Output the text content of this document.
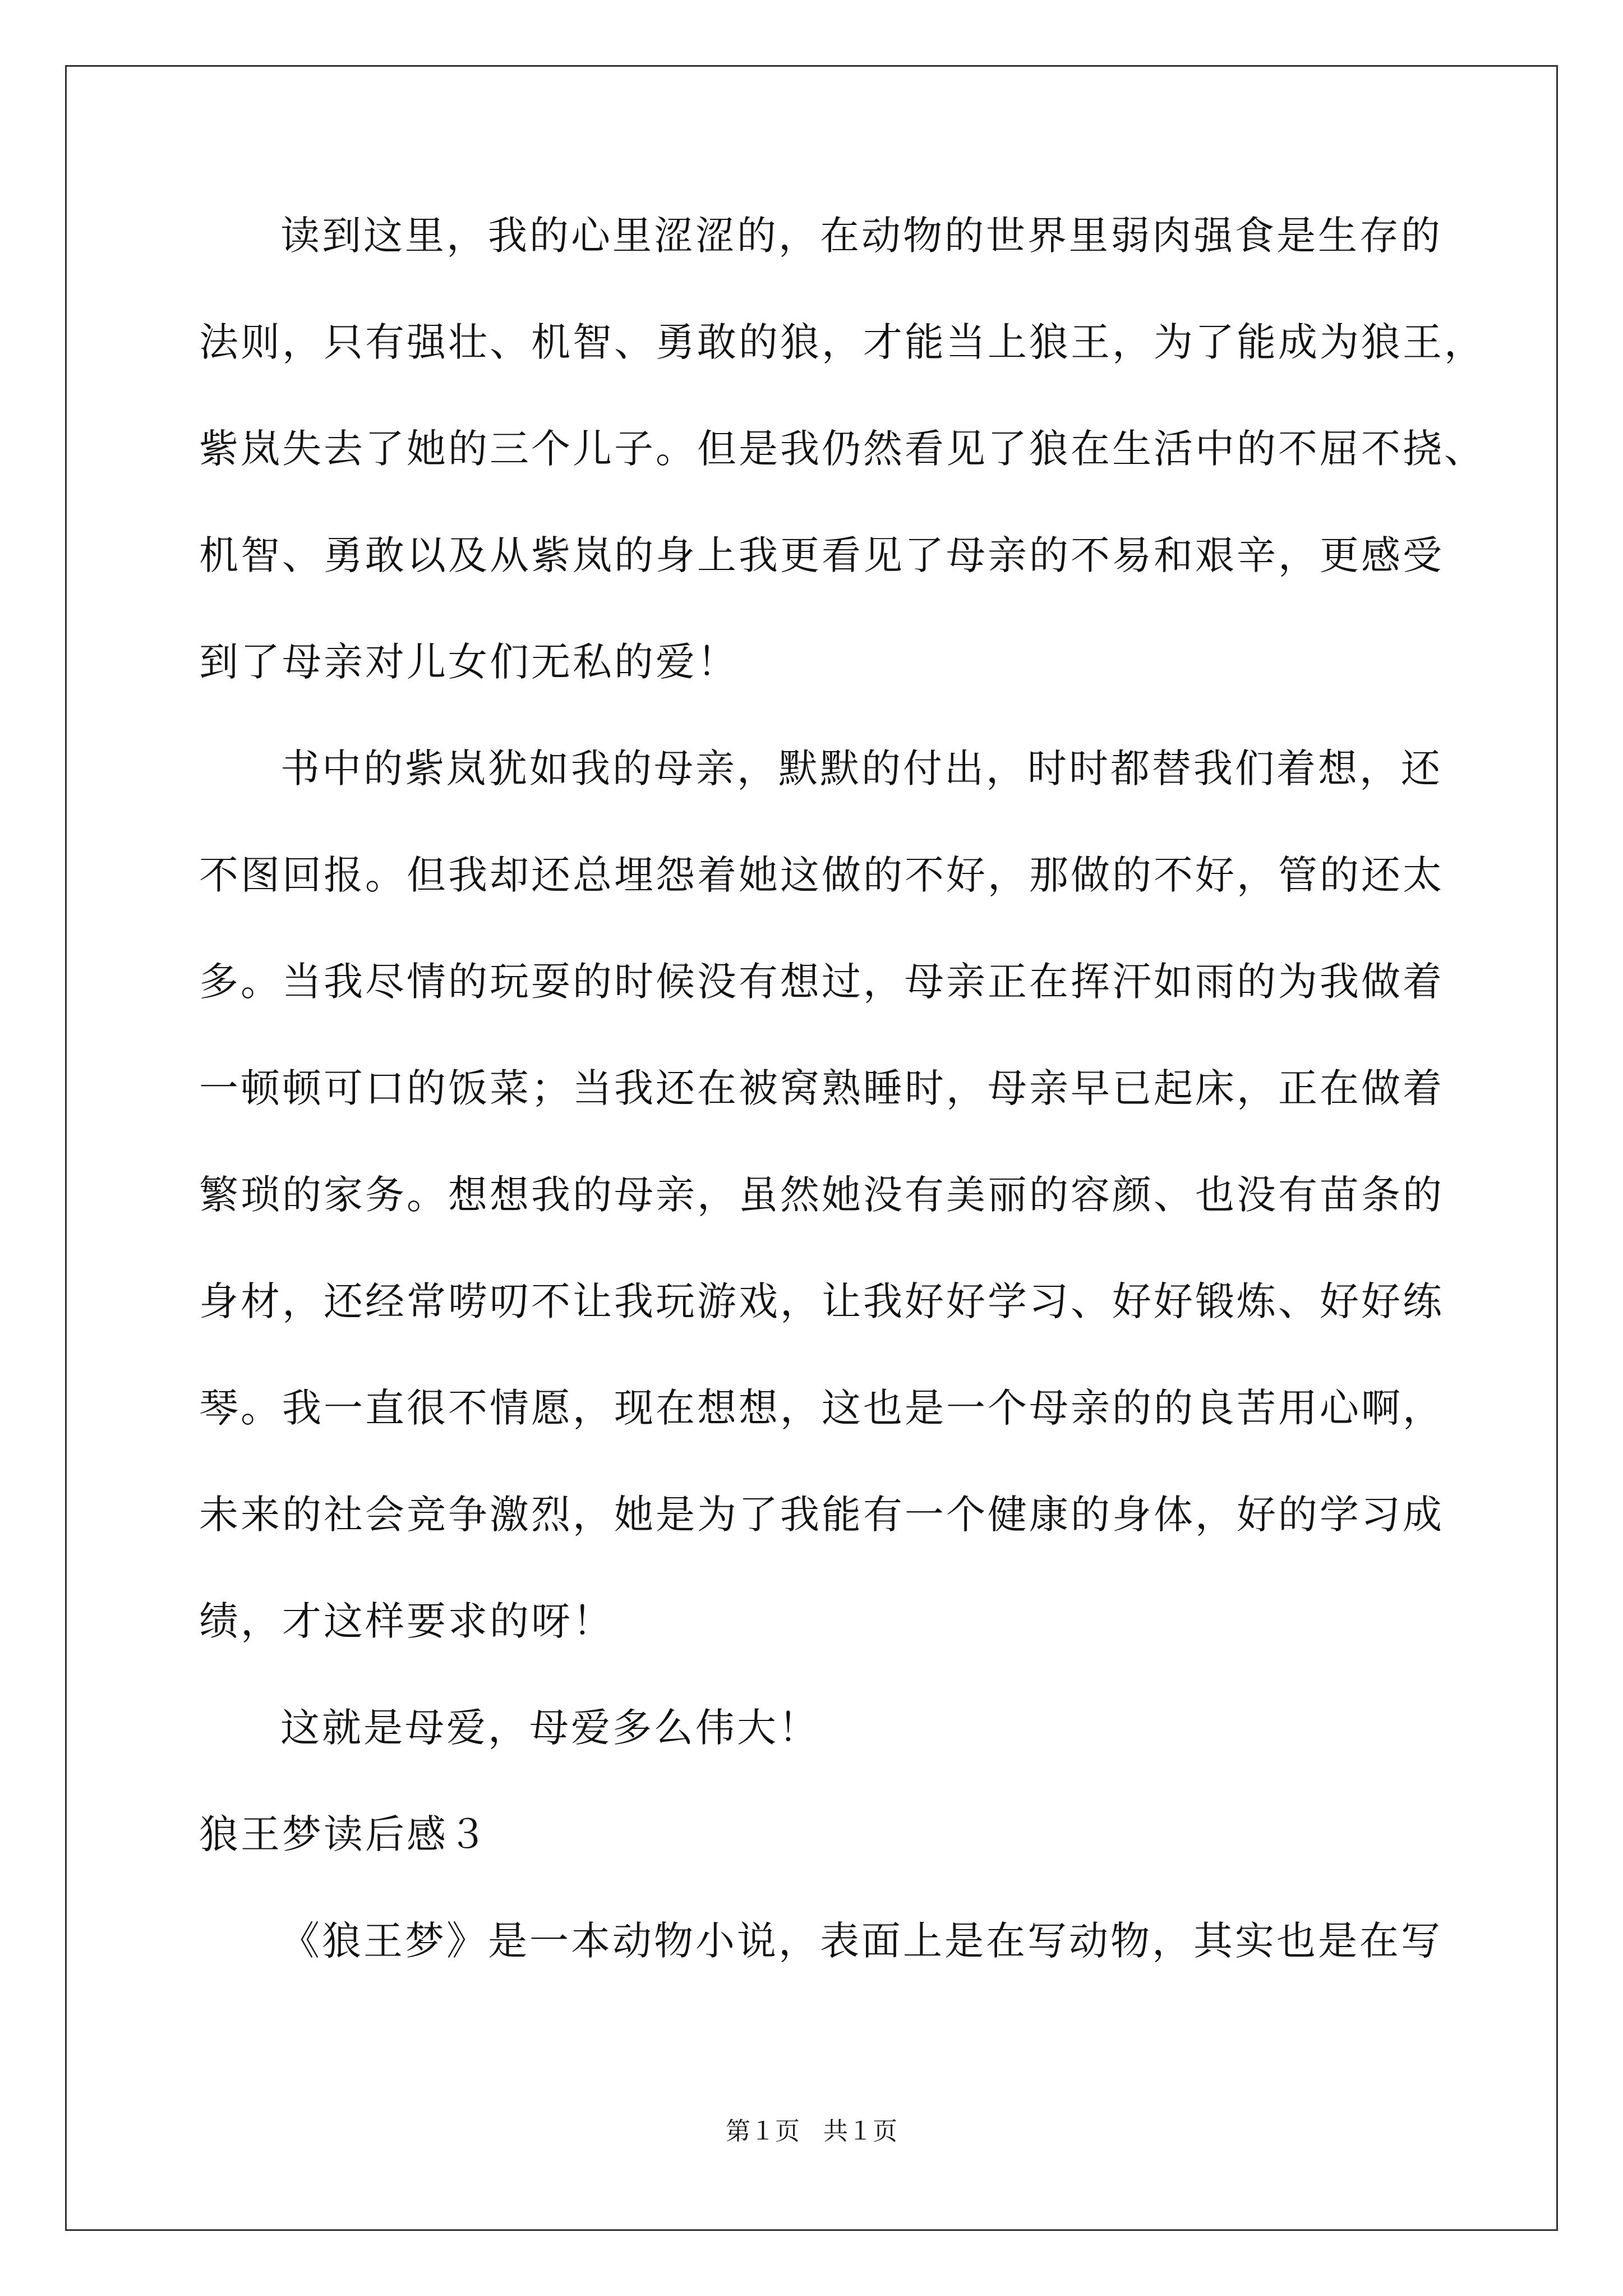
读到这里，我的心里涩涩的，在动物的世界里弱肉强食是生存的
法则，只有强壮、机智、勇敢的狼，才能当上狼王，为了能成为狼王，
紫岚失去了她的三个儿子。但是我仍然看见了狼在生活中的不屈不挠、
机智、勇敢以及从紫岚的身上我更看见了母亲的不易和艰辛，更感受
到了母亲对儿女们无私的爱！
书中的紫岚犹如我的母亲，默默的付出，时时都替我们着想，还
不图回报。但我却还总埋怨着她这做的不好，那做的不好，管的还太
多。当我尽情的玩耍的时候没有想过，母亲正在挥汗如雨的为我做着
一顿顿可口的饭菜；当我还在被窝熟睡时，母亲早已起床，正在做着
繁琐的家务。想想我的母亲，虽然她没有美丽的容颜、也没有苗条的
身材，还经常唠叨不让我玩游戏，让我好好学习、好好锻炼、好好练
琴。我一直很不情愿，现在想想，这也是一个母亲的的良苦用心啊，
未来的社会竞争激烈，她是为了我能有一个健康的身体，好的学习成
绩，才这样要求的呀！
这就是母爱，母爱多么伟大！
狼王梦读后感３
《狼王梦》是一本动物小说，表面上是在写动物，其实也是在写
第１页 共１页
